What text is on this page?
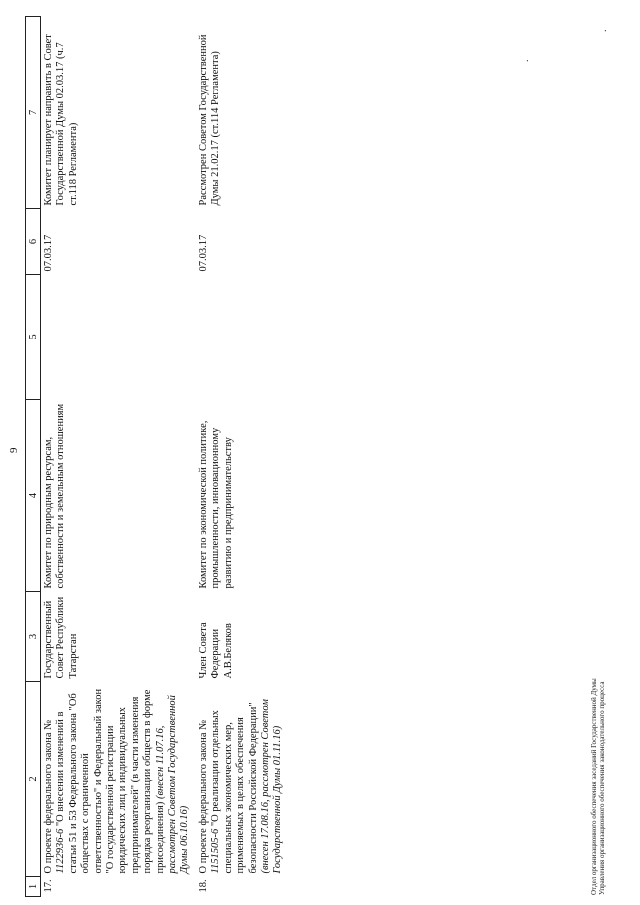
9
.
.
1	2	3	4	5	6	7
17.	О проекте федерального закона № 1122936-6 "О внесении изменений в статьи 51 и 53 Федерального закона "Об обществах с ограниченной ответственностью" и Федеральный закон "О государственной регистрации юридических лиц и индивидуальных предпринимателей" (в части изменения порядка реорганизации обществ в форме присоединения) (внесен 11.07.16, рассмотрен Советом Государственной Думы 06.10.16)	Государственный Совет Республики Татарстан	Комитет по природным ресурсам, собственности и земельным отношениям		07.03.17	Комитет планирует направить в Совет Государственной Думы 02.03.17 (ч.7 ст.118 Регламента)
18.	О проекте федерального закона № 1151505-6 "О реализации отдельных специальных экономических мер, применяемых в целях обеспечения безопасности Российской Федерации" (внесен 17.08.16, рассмотрен Советом Государственной Думы 01.11.16)	Член Совета Федерации А.В.Беляков	Комитет по экономической политике, промышленности, инновационному развитию и предпринимательству		07.03.17	Рассмотрен Советом Государственной Думы 21.02.17 (ст.114 Регламента)
Отдел организационного обеспечения заседаний Государственной Думы Управления организационного обеспечения законодательного процесса
